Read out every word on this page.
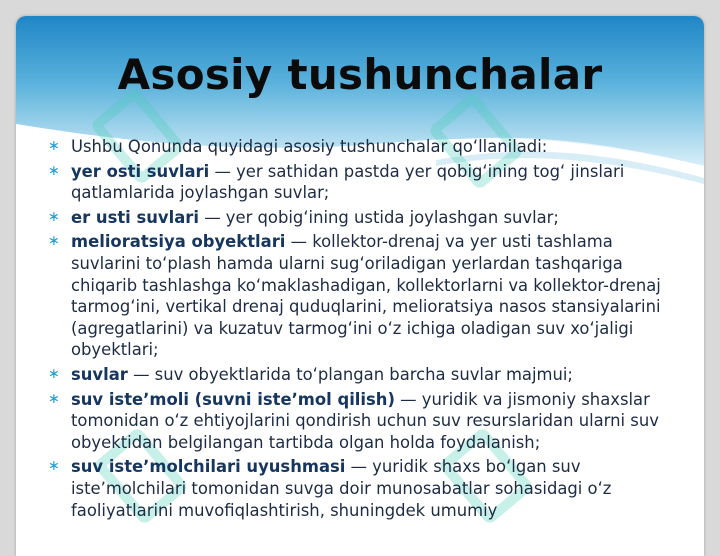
Asosiy tushunchalar
∗ Ushbu Qonunda quyidagi asosiy tushunchalar qoʻllaniladi:
∗ yer osti suvlari — yer sathidan pastda yer qobigʻining togʻ jinslari qatlamlarida joylashgan suvlar;
∗ er usti suvlari — yer qobigʻining ustida joylashgan suvlar;
∗ melioratsiya obyektlari — kollektor-drenaj va yer usti tashlama suvlarini toʻplash hamda ularni sugʻoriladigan yerlardan tashqariga chiqarib tashlashga koʻmaklashadigan, kollektorlarni va kollektor-drenaj tarmogʻini, vertikal drenaj quduqlarini, melioratsiya nasos stansiyalarini (agregatlarini) va kuzatuv tarmogʻini oʻz ichiga oladigan suv xoʻjaligi obyektlari;
∗ suvlar — suv obyektlarida toʻplangan barcha suvlar majmui;
∗ suv isteʼmoli (suvni isteʼmol qilish) — yuridik va jismoniy shaxslar tomonidan oʻz ehtiyojlarini qondirish uchun suv resurslaridan ularni suv obyektidan belgilangan tartibda olgan holda foydalanish;
∗ suv isteʼmolchilari uyushmasi — yuridik shaxs boʻlgan suv isteʼmolchilari tomonidan suvga doir munosabatlar sohasidagi oʻz faoliyatlarini muvofiqlashtirish, shuningdek umumiy
